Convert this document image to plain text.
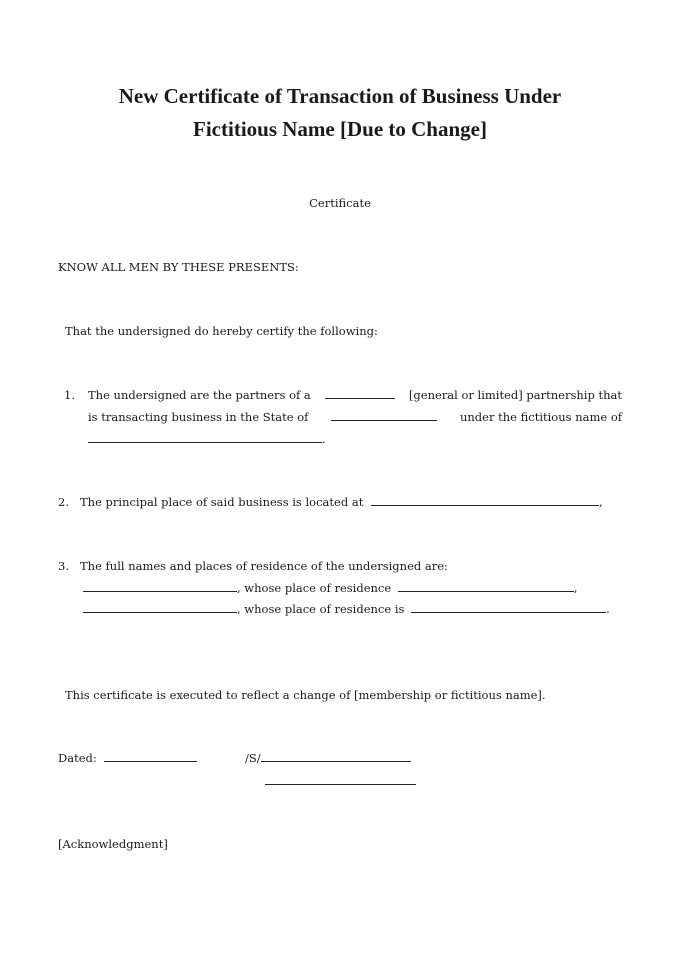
New Certificate of Transaction of Business Under
Fictitious Name [Due to Change]
Certificate
KNOW ALL MEN BY THESE PRESENTS:
That the undersigned do hereby certify the following:
1. The undersigned are the partners of a	[general or limited] partnership that
is transacting business in the State of	under the fictitious name of
.
2. The principal place of said business is located at	,
3. The full names and places of residence of the undersigned are:
, whose place of residence	,
, whose place of residence is	.
This certificate is executed to reflect a change of [membership or fictitious name].
Dated:	/S/
[Acknowledgment]
